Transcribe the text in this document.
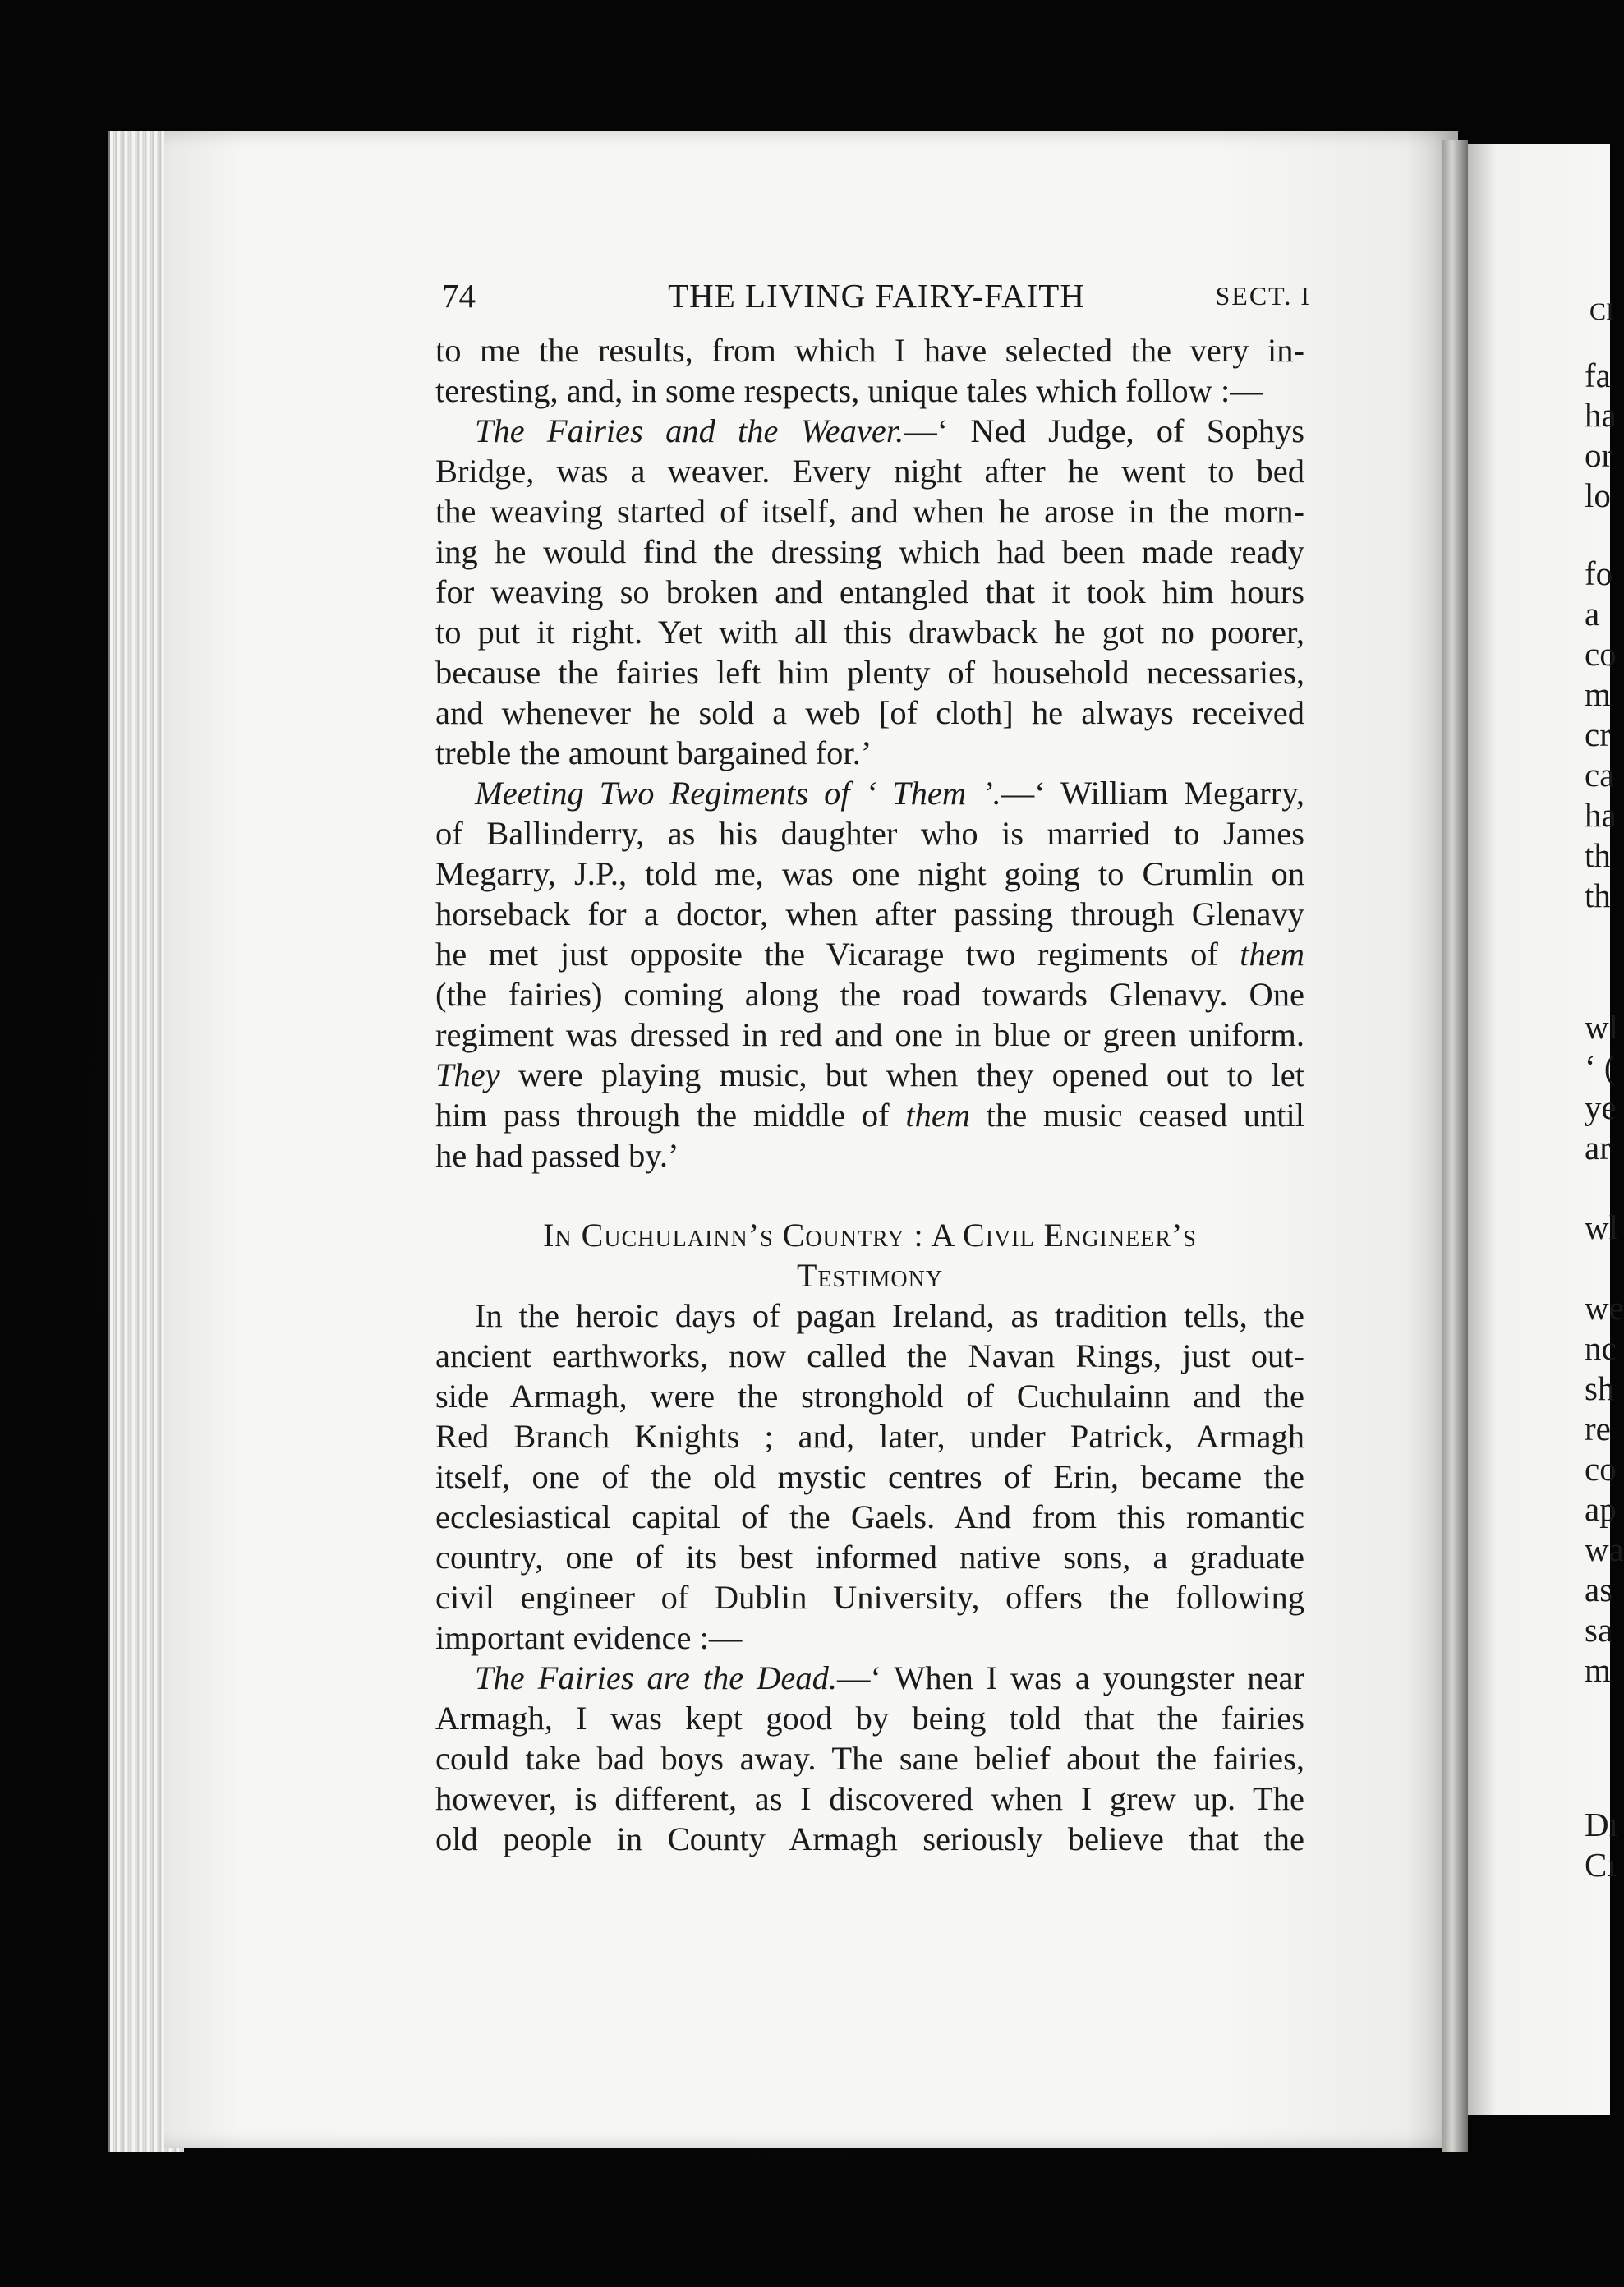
CI
fa
ha
or
lo
fo
a
co
m
cr
ca
ha
th
th
wl
‘ (
ye
ar
wl
we
nc
sh
re
co
ap
wa
as
sa
m
Dı
Cı
74	THE LIVING FAIRY-FAITH	SECT. I
to me the results, from which I have selected the very in-
teresting, and, in some respects, unique tales which follow :—
The Fairies and the Weaver.—‘ Ned Judge, of Sophys
Bridge, was a weaver. Every night after he went to bed
the weaving started of itself, and when he arose in the morn-
ing he would find the dressing which had been made ready
for weaving so broken and entangled that it took him hours
to put it right. Yet with all this drawback he got no poorer,
because the fairies left him plenty of household necessaries,
and whenever he sold a web [of cloth] he always received
treble the amount bargained for.’
Meeting Two Regiments of ‘ Them ’.—‘ William Megarry,
of Ballinderry, as his daughter who is married to James
Megarry, J.P., told me, was one night going to Crumlin on
horseback for a doctor, when after passing through Glenavy
he met just opposite the Vicarage two regiments of them
(the fairies) coming along the road towards Glenavy. One
regiment was dressed in red and one in blue or green uniform.
They were playing music, but when they opened out to let
him pass through the middle of them the music ceased until
he had passed by.’
In Cuchulainn’s Country : A Civil Engineer’s
Testimony
In the heroic days of pagan Ireland, as tradition tells, the
ancient earthworks, now called the Navan Rings, just out-
side Armagh, were the stronghold of Cuchulainn and the
Red Branch Knights ; and, later, under Patrick, Armagh
itself, one of the old mystic centres of Erin, became the
ecclesiastical capital of the Gaels. And from this romantic
country, one of its best informed native sons, a graduate
civil engineer of Dublin University, offers the following
important evidence :—
The Fairies are the Dead.—‘ When I was a youngster near
Armagh, I was kept good by being told that the fairies
could take bad boys away. The sane belief about the fairies,
however, is different, as I discovered when I grew up. The
old people in County Armagh seriously believe that the
